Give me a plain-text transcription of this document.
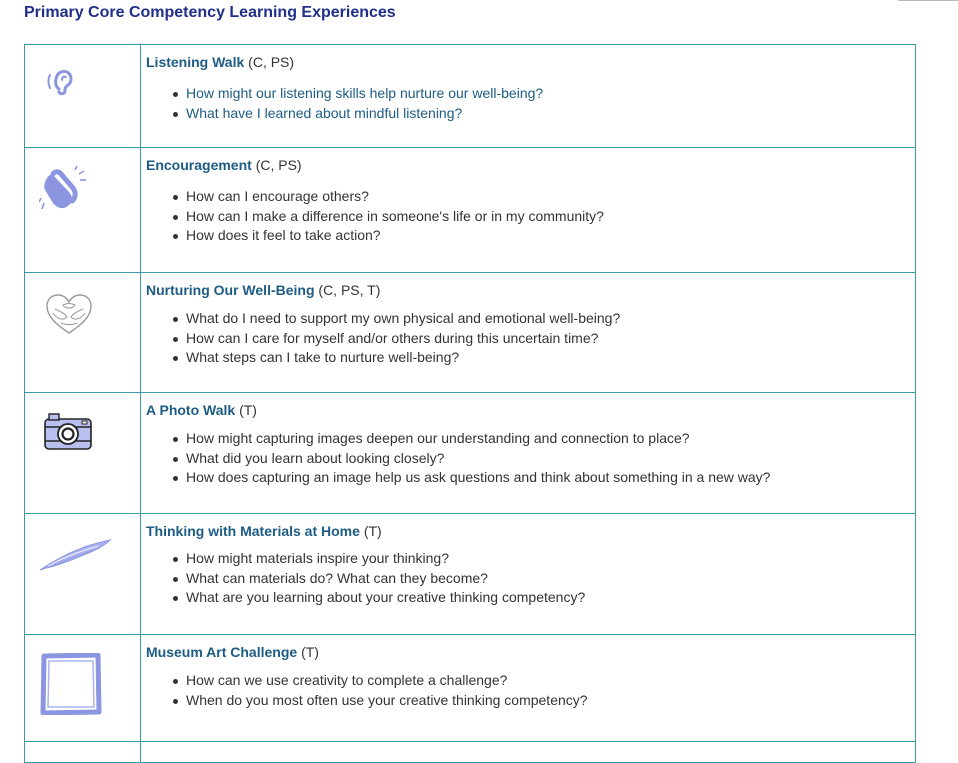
Primary Core Competency Learning Experiences

Listening Walk (C, PS)

How might our listening skills help nurture our well-being?
What have I learned about mindful listening?

Encouragement (C, PS)

How can I encourage others?
How can I make a difference in someone's life or in my community?
How does it feel to take action?

Nurturing Our Well-Being (C, PS, T)

What do I need to support my own physical and emotional well-being?
How can I care for myself and/or others during this uncertain time?
What steps can I take to nurture well-being?

A Photo Walk (T)

How might capturing images deepen our understanding and connection to place?
What did you learn about looking closely?
How does capturing an image help us ask questions and think about something in a new way?

Thinking with Materials at Home (T)

How might materials inspire your thinking?
What can materials do? What can they become?
What are you learning about your creative thinking competency?

Museum Art Challenge (T)

How can we use creativity to complete a challenge?
When do you most often use your creative thinking competency?
